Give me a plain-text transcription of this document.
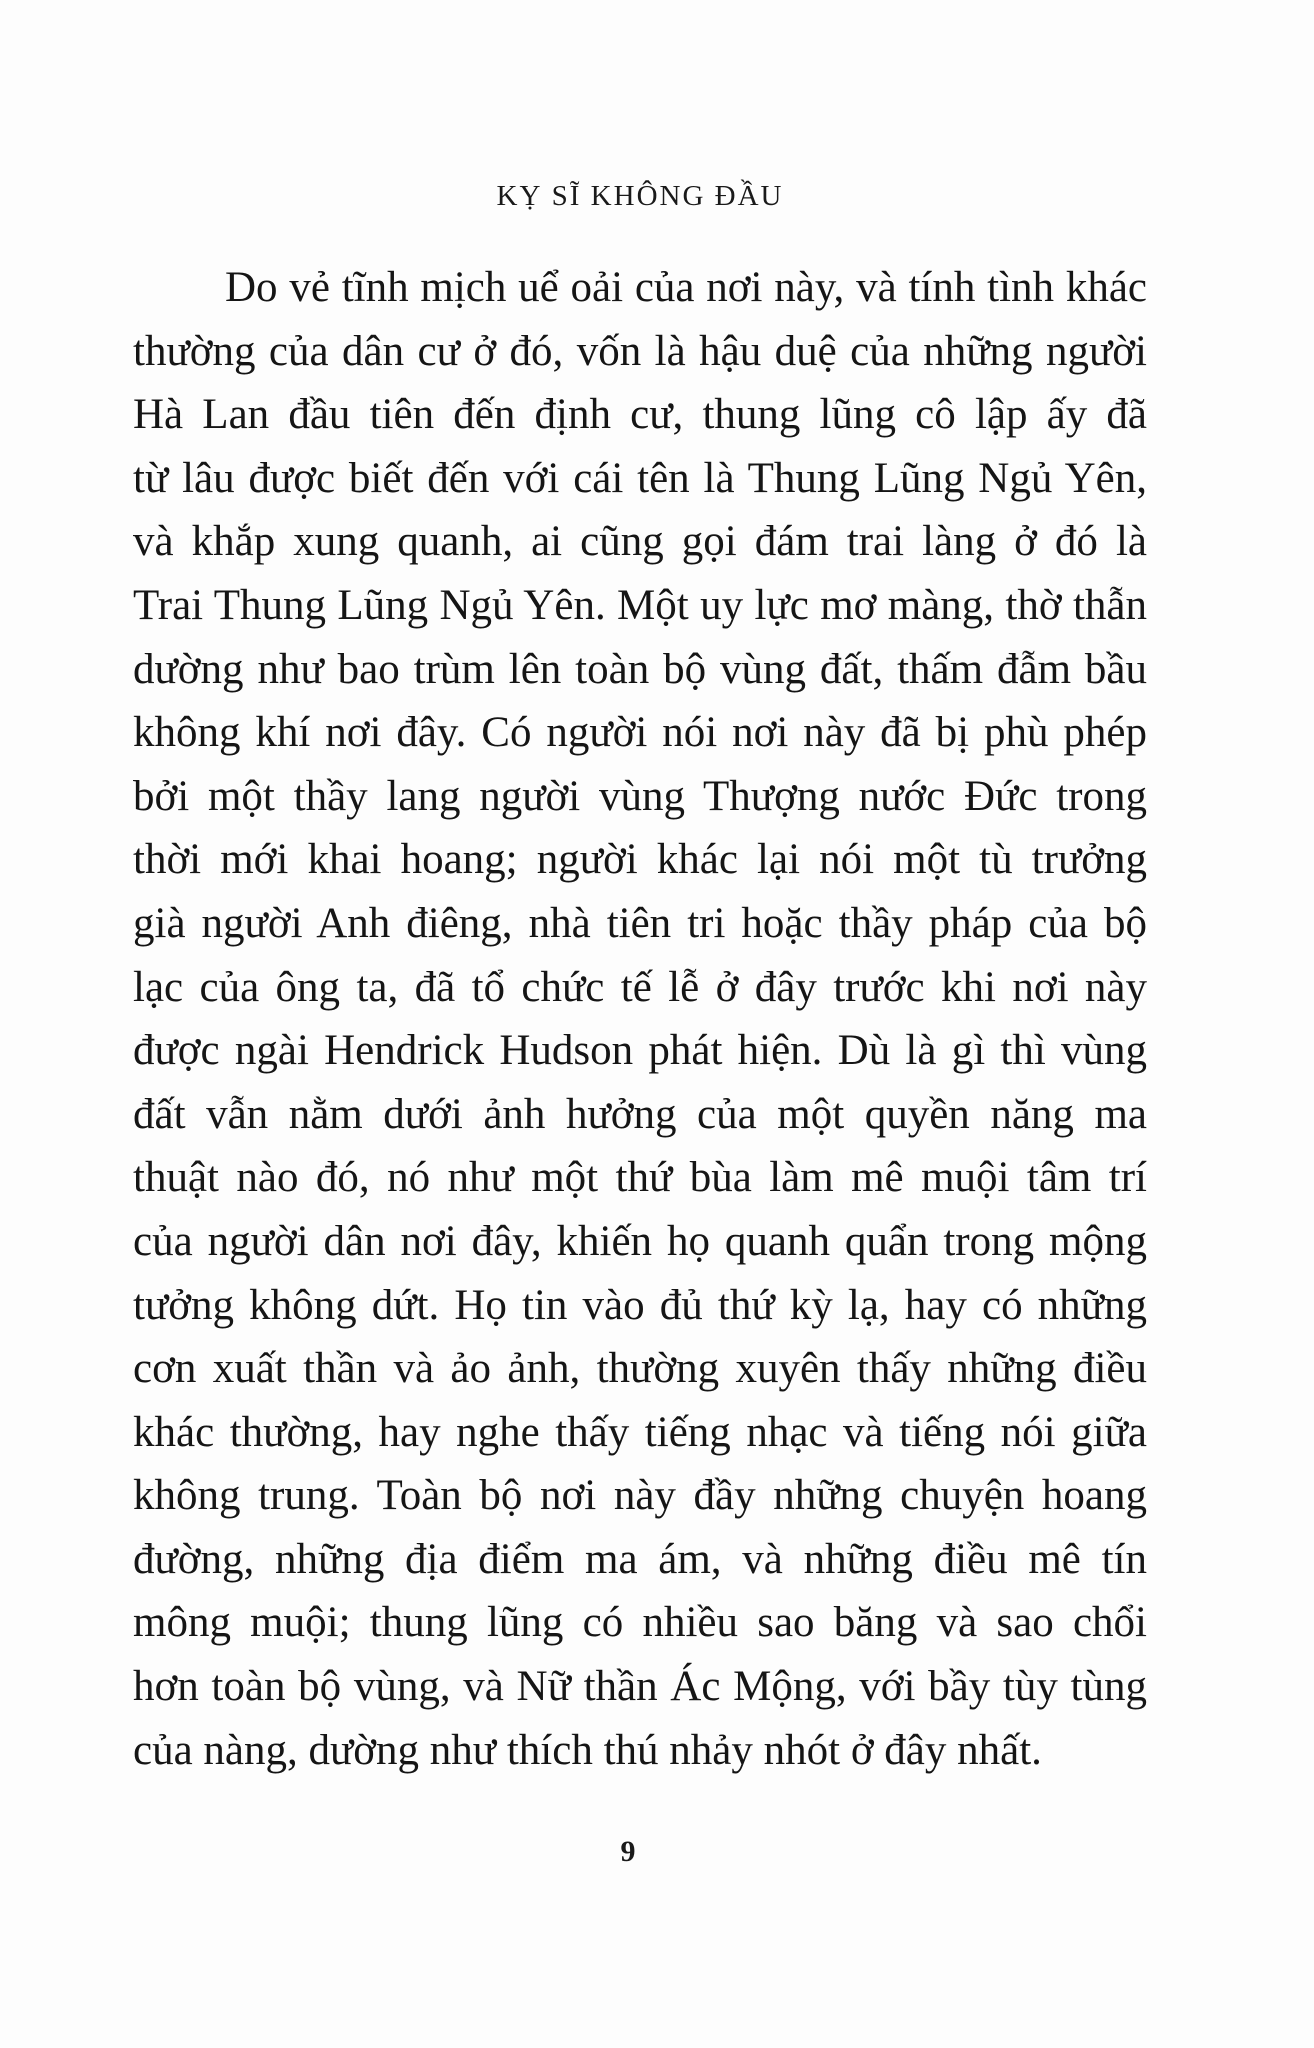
KỴ SĨ KHÔNG ĐẦU
Do vẻ tĩnh mịch uể oải của nơi này, và tính tình khác
thường của dân cư ở đó, vốn là hậu duệ của những người
Hà Lan đầu tiên đến định cư, thung lũng cô lập ấy đã
từ lâu được biết đến với cái tên là Thung Lũng Ngủ Yên,
và khắp xung quanh, ai cũng gọi đám trai làng ở đó là
Trai Thung Lũng Ngủ Yên. Một uy lực mơ màng, thờ thẫn
dường như bao trùm lên toàn bộ vùng đất, thấm đẫm bầu
không khí nơi đây. Có người nói nơi này đã bị phù phép
bởi một thầy lang người vùng Thượng nước Đức trong
thời mới khai hoang; người khác lại nói một tù trưởng
già người Anh điêng, nhà tiên tri hoặc thầy pháp của bộ
lạc của ông ta, đã tổ chức tế lễ ở đây trước khi nơi này
được ngài Hendrick Hudson phát hiện. Dù là gì thì vùng
đất vẫn nằm dưới ảnh hưởng của một quyền năng ma
thuật nào đó, nó như một thứ bùa làm mê muội tâm trí
của người dân nơi đây, khiến họ quanh quẩn trong mộng
tưởng không dứt. Họ tin vào đủ thứ kỳ lạ, hay có những
cơn xuất thần và ảo ảnh, thường xuyên thấy những điều
khác thường, hay nghe thấy tiếng nhạc và tiếng nói giữa
không trung. Toàn bộ nơi này đầy những chuyện hoang
đường, những địa điểm ma ám, và những điều mê tín
mông muội; thung lũng có nhiều sao băng và sao chổi
hơn toàn bộ vùng, và Nữ thần Ác Mộng, với bầy tùy tùng
của nàng, dường như thích thú nhảy nhót ở đây nhất.
9
